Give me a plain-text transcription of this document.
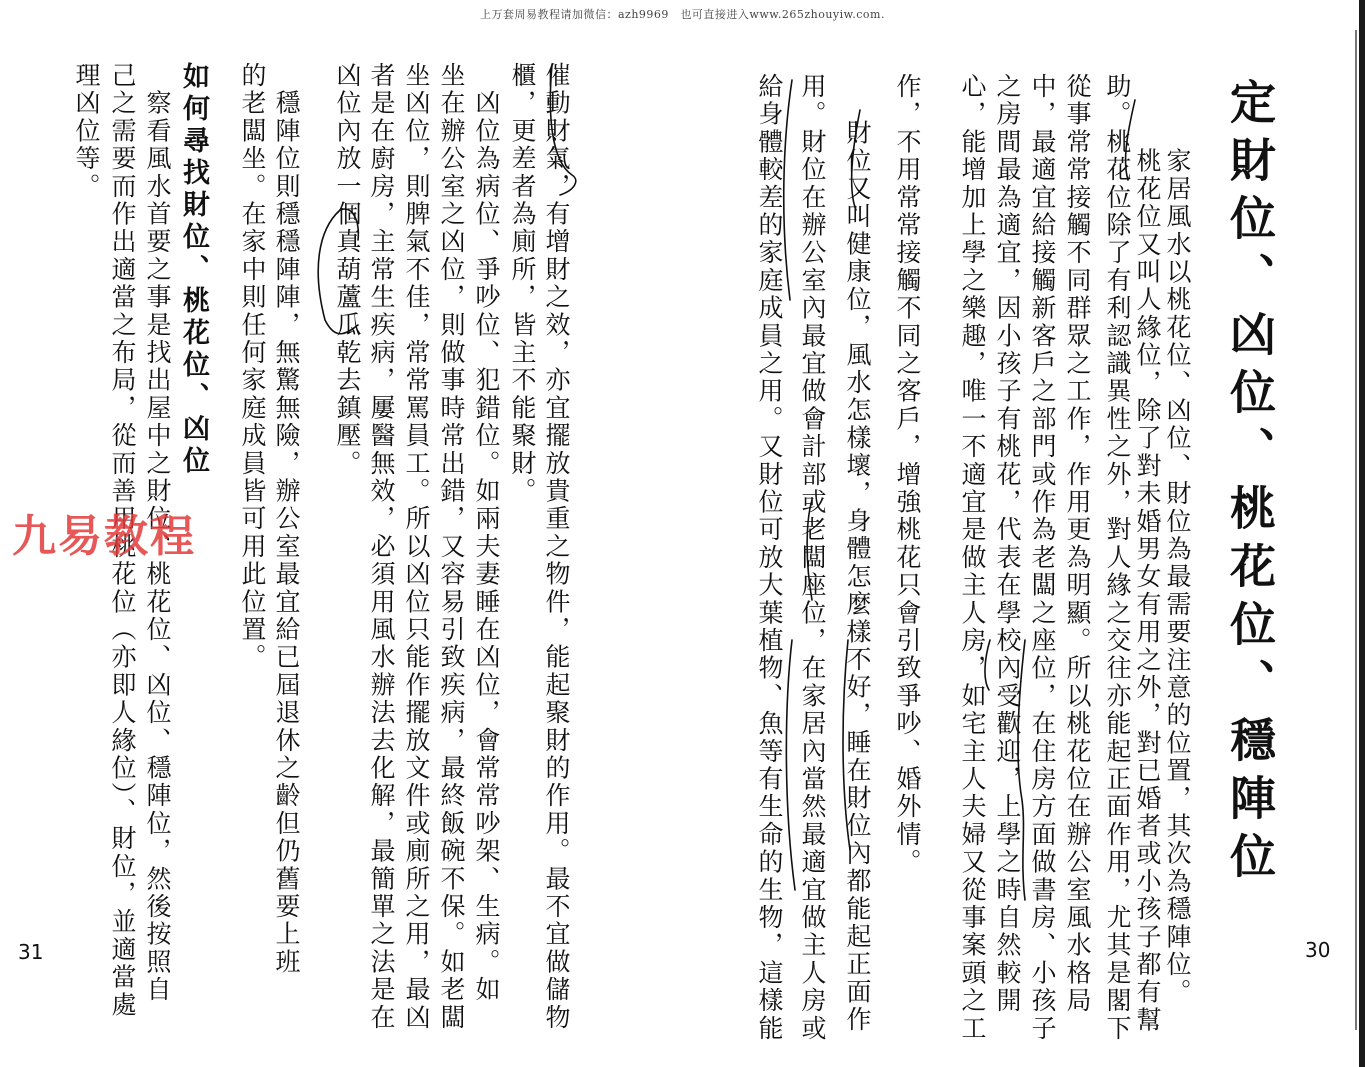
上万套周易教程请加微信：azh9969　也可直接进入www.265zhouyiw.com.
定財位、凶位、桃花位、穩陣位
　家居風水以桃花位、凶位、財位為最需要注意的位置，其次為穩陣位。
　桃花位又叫人緣位，除了對未婚男女有用之外，對已婚者或小孩子都有幫
助。桃花位除了有利認識異性之外，對人緣之交往亦能起正面作用，尤其是閣下
從事常常接觸不同群眾之工作，作用更為明顯。所以桃花位在辦公室風水格局
中，最適宜給接觸新客戶之部門或作為老闆之座位，在住房方面做書房、小孩子
之房間最為適宜，因小孩子有桃花，代表在學校內受歡迎，上學之時自然較開
心，能增加上學之樂趣，唯一不適宜是做主人房，如宅主人夫婦又從事案頭之工
作，不用常常接觸不同之客戶，增強桃花只會引致爭吵、婚外情。
　財位又叫健康位，風水怎樣壞，身體怎麼樣不好，睡在財位內都能起正面作
用。財位在辦公室內最宜做會計部或老闆座位，在家居內當然最適宜做主人房或
給身體較差的家庭成員之用。又財位可放大葉植物、魚等有生命的生物，這樣能	30
催動財氣，有增財之效，亦宜擺放貴重之物件，能起聚財的作用。最不宜做儲物
櫃，更差者為廁所，皆主不能聚財。
　凶位為病位、爭吵位、犯錯位。如兩夫妻睡在凶位，會常常吵架、生病。如
坐在辦公室之凶位，則做事時常出錯，又容易引致疾病，最終飯碗不保。如老闆
坐凶位，則脾氣不佳，常常罵員工。所以凶位只能作擺放文件或廁所之用，最凶
者是在廚房，主常生疾病，屢醫無效，必須用風水辦法去化解，最簡單之法是在
凶位內放一個真葫蘆瓜乾去鎮壓。
　穩陣位則穩穩陣陣，無驚無險，辦公室最宜給已屆退休之齡但仍舊要上班
的老闆坐。在家中則任何家庭成員皆可用此位置。
如何尋找財位、桃花位、凶位
　察看風水首要之事是找出屋中之財位、桃花位、凶位、穩陣位，然後按照自
己之需要而作出適當之布局，從而善用桃花位（亦即人緣位）、財位，並適當處
理凶位等。
31
九易教程
